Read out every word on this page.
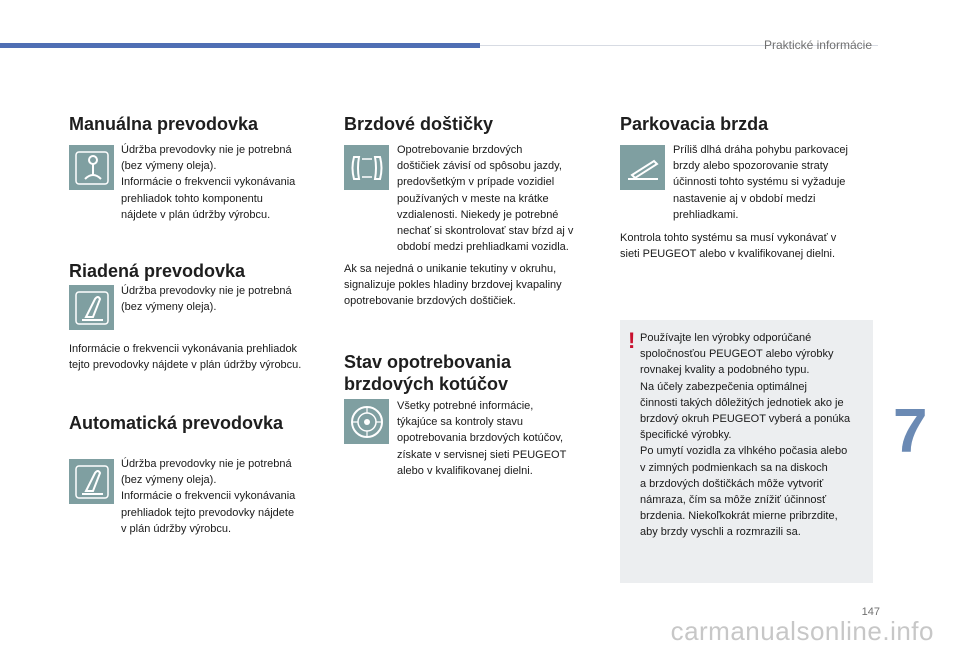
Praktické informácie
Manuálna prevodovka
Údržba prevodovky nie je potrebná
(bez výmeny oleja).
Informácie o frekvencii vykonávania
prehliadok tohto komponentu
nájdete v plán údržby výrobcu.
Riadená prevodovka
Údržba prevodovky nie je potrebná
(bez výmeny oleja).
Informácie o frekvencii vykonávania prehliadok
tejto prevodovky nájdete v plán údržby výrobcu.
Automatická prevodovka
Údržba prevodovky nie je potrebná
(bez výmeny oleja).
Informácie o frekvencii vykonávania
prehliadok tejto prevodovky nájdete
v plán údržby výrobcu.
Brzdové doštičky
Opotrebovanie brzdových
doštičiek závisí od spôsobu jazdy,
predovšetkým v prípade vozidiel
používaných v meste na krátke
vzdialenosti. Niekedy je potrebné
nechať si skontrolovať stav bŕzd aj v
období medzi prehliadkami vozidla.
Ak sa nejedná o unikanie tekutiny v okruhu,
signalizuje pokles hladiny brzdovej kvapaliny
opotrebovanie brzdových doštičiek.
Stav opotrebovania
brzdových kotúčov
Všetky potrebné informácie,
týkajúce sa kontroly stavu
opotrebovania brzdových kotúčov,
získate v servisnej sieti PEUGEOT
alebo v kvalifikovanej dielni.
Parkovacia brzda
Príliš dlhá dráha pohybu parkovacej
brzdy alebo spozorovanie straty
účinnosti tohto systému si vyžaduje
nastavenie aj v období medzi
prehliadkami.
Kontrola tohto systému sa musí vykonávať v
sieti PEUGEOT alebo v kvalifikovanej dielni.
! Používajte len výrobky odporúčané
spoločnosťou PEUGEOT alebo výrobky
rovnakej kvality a podobného typu.
Na účely zabezpečenia optimálnej
činnosti takých dôležitých jednotiek ako je
brzdový okruh PEUGEOT vyberá a ponúka
špecifické výrobky.
Po umytí vozidla za vlhkého počasia alebo
v zimných podmienkach sa na diskoch
a brzdových doštičkách môže vytvoriť
námraza, čím sa môže znížiť účinnosť
brzdenia. Niekoľkokrát mierne pribrzdite,
aby brzdy vyschli a rozmrazili sa.
7
147
carmanualsonline.info
